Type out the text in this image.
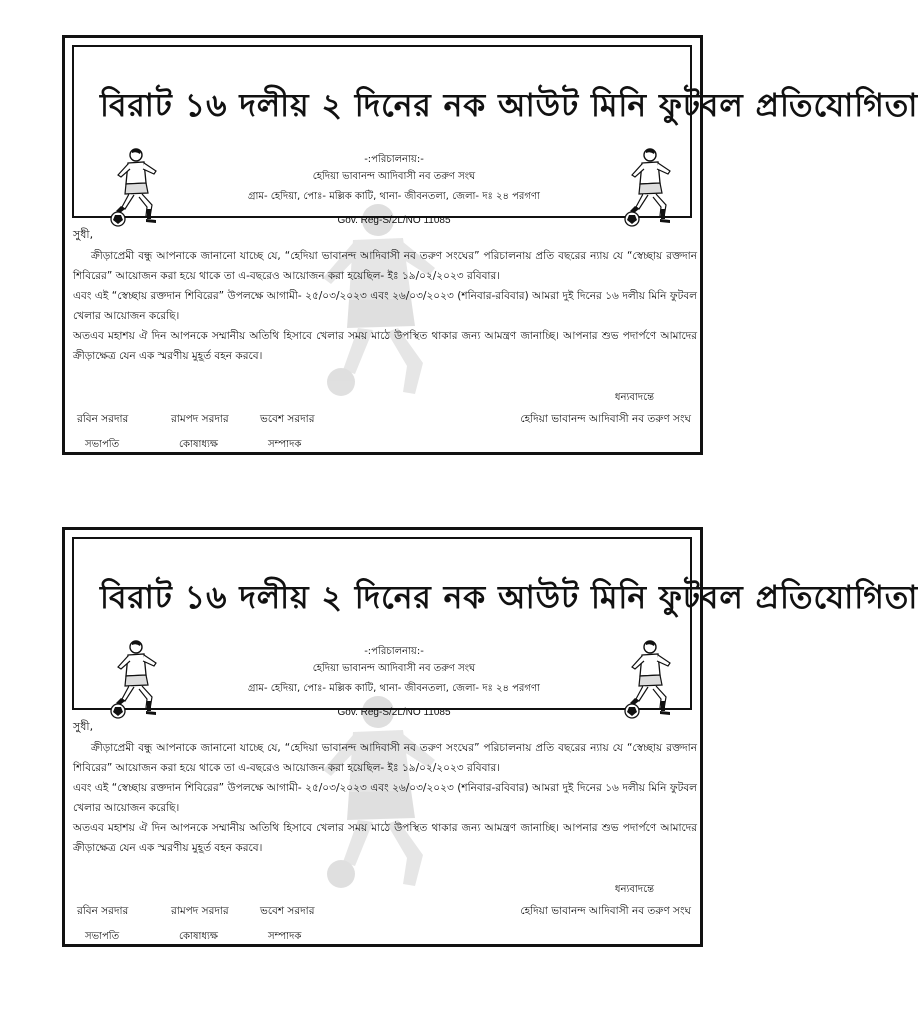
বিরাট ১৬ দলীয় ২ দিনের নক আউট মিনি ফুটবল প্রতিযোগিতা
-:পরিচালনায়:-
হেদিয়া ভাবানন্দ আদিবাসী নব তরুণ সংঘ
গ্রাম- হেদিয়া, পোঃ- মল্লিক কাটি, থানা- জীবনতলা, জেলা- দঃ ২৪ পরগণা
Gov. Reg-S/2L/NO 11085
সুধী,

ক্রীড়াপ্রেমী বন্ধু আপনাকে জানানো যাচ্ছে যে, “হেদিয়া ভাবানন্দ আদিবাসী নব তরুণ সংঘের” পরিচালনায় প্রতি বছরের ন্যায় যে “স্বেচ্ছায় রক্তদান শিবিরের” আয়োজন করা হয়ে থাকে তা এ-বছরেও আয়োজন করা হয়েছিল- ইঃ ১৯/০২/২০২৩ রবিবার।

এবং এই “স্বেচ্ছায় রক্তদান শিবিরের” উপলক্ষে আগামী- ২৫/০৩/২০২৩ এবং ২৬/০৩/২০২৩ (শনিবার-রবিবার) আমরা দুই দিনের ১৬ দলীয় মিনি ফুটবল খেলার আয়োজন করেছি।

অতএব মহাশয় ঐ দিন আপনকে সম্মানীয় অতিথি হিসাবে খেলার সময় মাঠে উপস্থিত থাকার জন্য আমন্ত্রণ জানাচ্ছি। আপনার শুভ পদার্পণে আমাদের ক্রীড়াক্ষেত্র যেন এক স্মরণীয় মুহূর্ত বহন করবে।

ধন্যবাদন্তে
রবিন সরদার
সভাপতি
রামপদ সরদার
কোষাধ্যক্ষ
ভবেশ সরদার
সম্পাদক
হেদিয়া ভাবানন্দ আদিবাসী নব তরুণ সংঘ
বিরাট ১৬ দলীয় ২ দিনের নক আউট মিনি ফুটবল প্রতিযোগিতা
-:পরিচালনায়:-
হেদিয়া ভাবানন্দ আদিবাসী নব তরুণ সংঘ
গ্রাম- হেদিয়া, পোঃ- মল্লিক কাটি, থানা- জীবনতলা, জেলা- দঃ ২৪ পরগণা
Gov. Reg-S/2L/NO 11085
সুধী,

ক্রীড়াপ্রেমী বন্ধু আপনাকে জানানো যাচ্ছে যে, “হেদিয়া ভাবানন্দ আদিবাসী নব তরুণ সংঘের” পরিচালনায় প্রতি বছরের ন্যায় যে “স্বেচ্ছায় রক্তদান শিবিরের” আয়োজন করা হয়ে থাকে তা এ-বছরেও আয়োজন করা হয়েছিল- ইঃ ১৯/০২/২০২৩ রবিবার।

এবং এই “স্বেচ্ছায় রক্তদান শিবিরের” উপলক্ষে আগামী- ২৫/০৩/২০২৩ এবং ২৬/০৩/২০২৩ (শনিবার-রবিবার) আমরা দুই দিনের ১৬ দলীয় মিনি ফুটবল খেলার আয়োজন করেছি।

অতএব মহাশয় ঐ দিন আপনকে সম্মানীয় অতিথি হিসাবে খেলার সময় মাঠে উপস্থিত থাকার জন্য আমন্ত্রণ জানাচ্ছি। আপনার শুভ পদার্পণে আমাদের ক্রীড়াক্ষেত্র যেন এক স্মরণীয় মুহূর্ত বহন করবে।

ধন্যবাদন্তে
রবিন সরদার
সভাপতি
রামপদ সরদার
কোষাধ্যক্ষ
ভবেশ সরদার
সম্পাদক
হেদিয়া ভাবানন্দ আদিবাসী নব তরুণ সংঘ
